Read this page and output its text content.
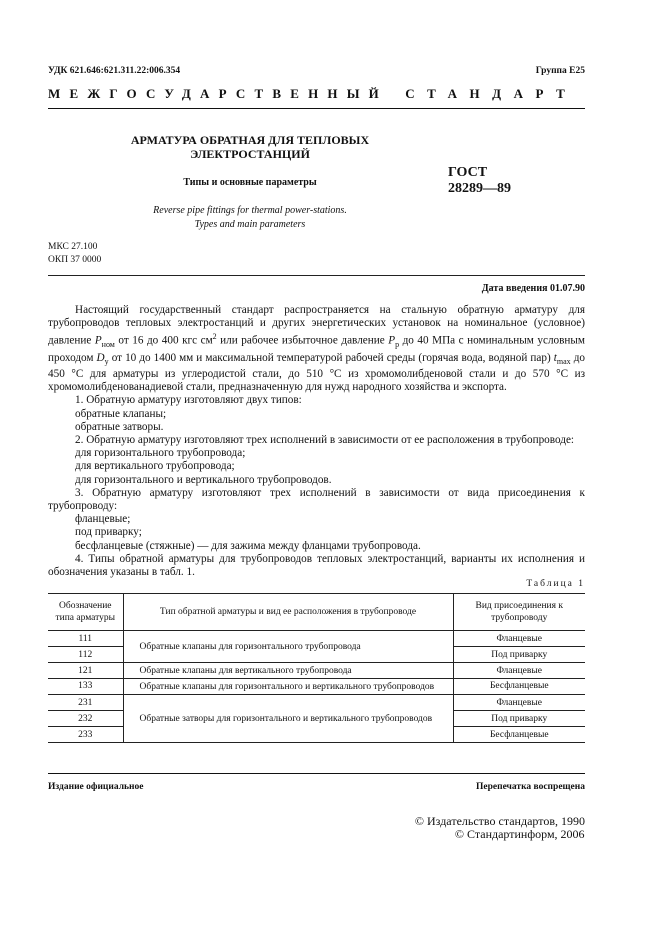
УДК 621.646:621.311.22:006.354	Группа Е25
МЕЖГОСУДАРСТВЕННЫЙ СТАНДАРТ
АРМАТУРА ОБРАТНАЯ ДЛЯ ТЕПЛОВЫХ
ЭЛЕКТРОСТАНЦИЙ
Типы и основные параметры
Reverse pipe fittings for thermal power-stations.
Types and main parameters
ГОСТ
28289—89
МКС 27.100
ОКП 37 0000
Дата введения 01.07.90

Настоящий государственный стандарт распространяется на стальную обратную арматуру для трубопроводов тепловых электростанций и других энергетических установок на номинальное (условное) давление $P_{ном}$ от 16 до 400 кгс $см^2$ или рабочее избыточное давление $P_р$ до 40 МПа с номинальным условным проходом $D_у$ от 10 до 1400 мм и максимальной температурой рабочей среды (горячая вода, водяной пар) $t_{max}$ до 450 °С для арматуры из углеродистой стали, до 510 °С из хромомолибденовой стали и до 570 °С из хромомолибденованадиевой стали, предназначенную для нужд народного хозяйства и экспорта.

1. Обратную арматуру изготовляют двух типов:

обратные клапаны;

обратные затворы.

2. Обратную арматуру изготовляют трех исполнений в зависимости от ее расположения в трубопроводе:

для горизонтального трубопровода;

для вертикального трубопровода;

для горизонтального и вертикального трубопроводов.

3. Обратную арматуру изготовляют трех исполнений в зависимости от вида присоединения к трубопроводу:

фланцевые;

под приварку;

бесфланцевые (стяжные) — для зажима между фланцами трубопровода.

4. Типы обратной арматуры для трубопроводов тепловых электростанций, варианты их исполнения и обозначения указаны в табл. 1.

Таблица 1
Обозначение типа арматуры	Тип обратной арматуры и вид ее расположения в трубопроводе	Вид присоединения к трубопроводу
111	Обратные клапаны для горизонтального трубопровода	Фланцевые
112		Под приварку
121	Обратные клапаны для вертикального трубопровода	Фланцевые
133	Обратные клапаны для горизонтального и вертикального трубопроводов	Бесфланцевые
231	Обратные затворы для горизонтального и вертикального трубопроводов	Фланцевые
232		Под приварку
233		Бесфланцевые
Издание официальное	Перепечатка воспрещена
© Издательство стандартов, 1990
© Стандартинформ, 2006
